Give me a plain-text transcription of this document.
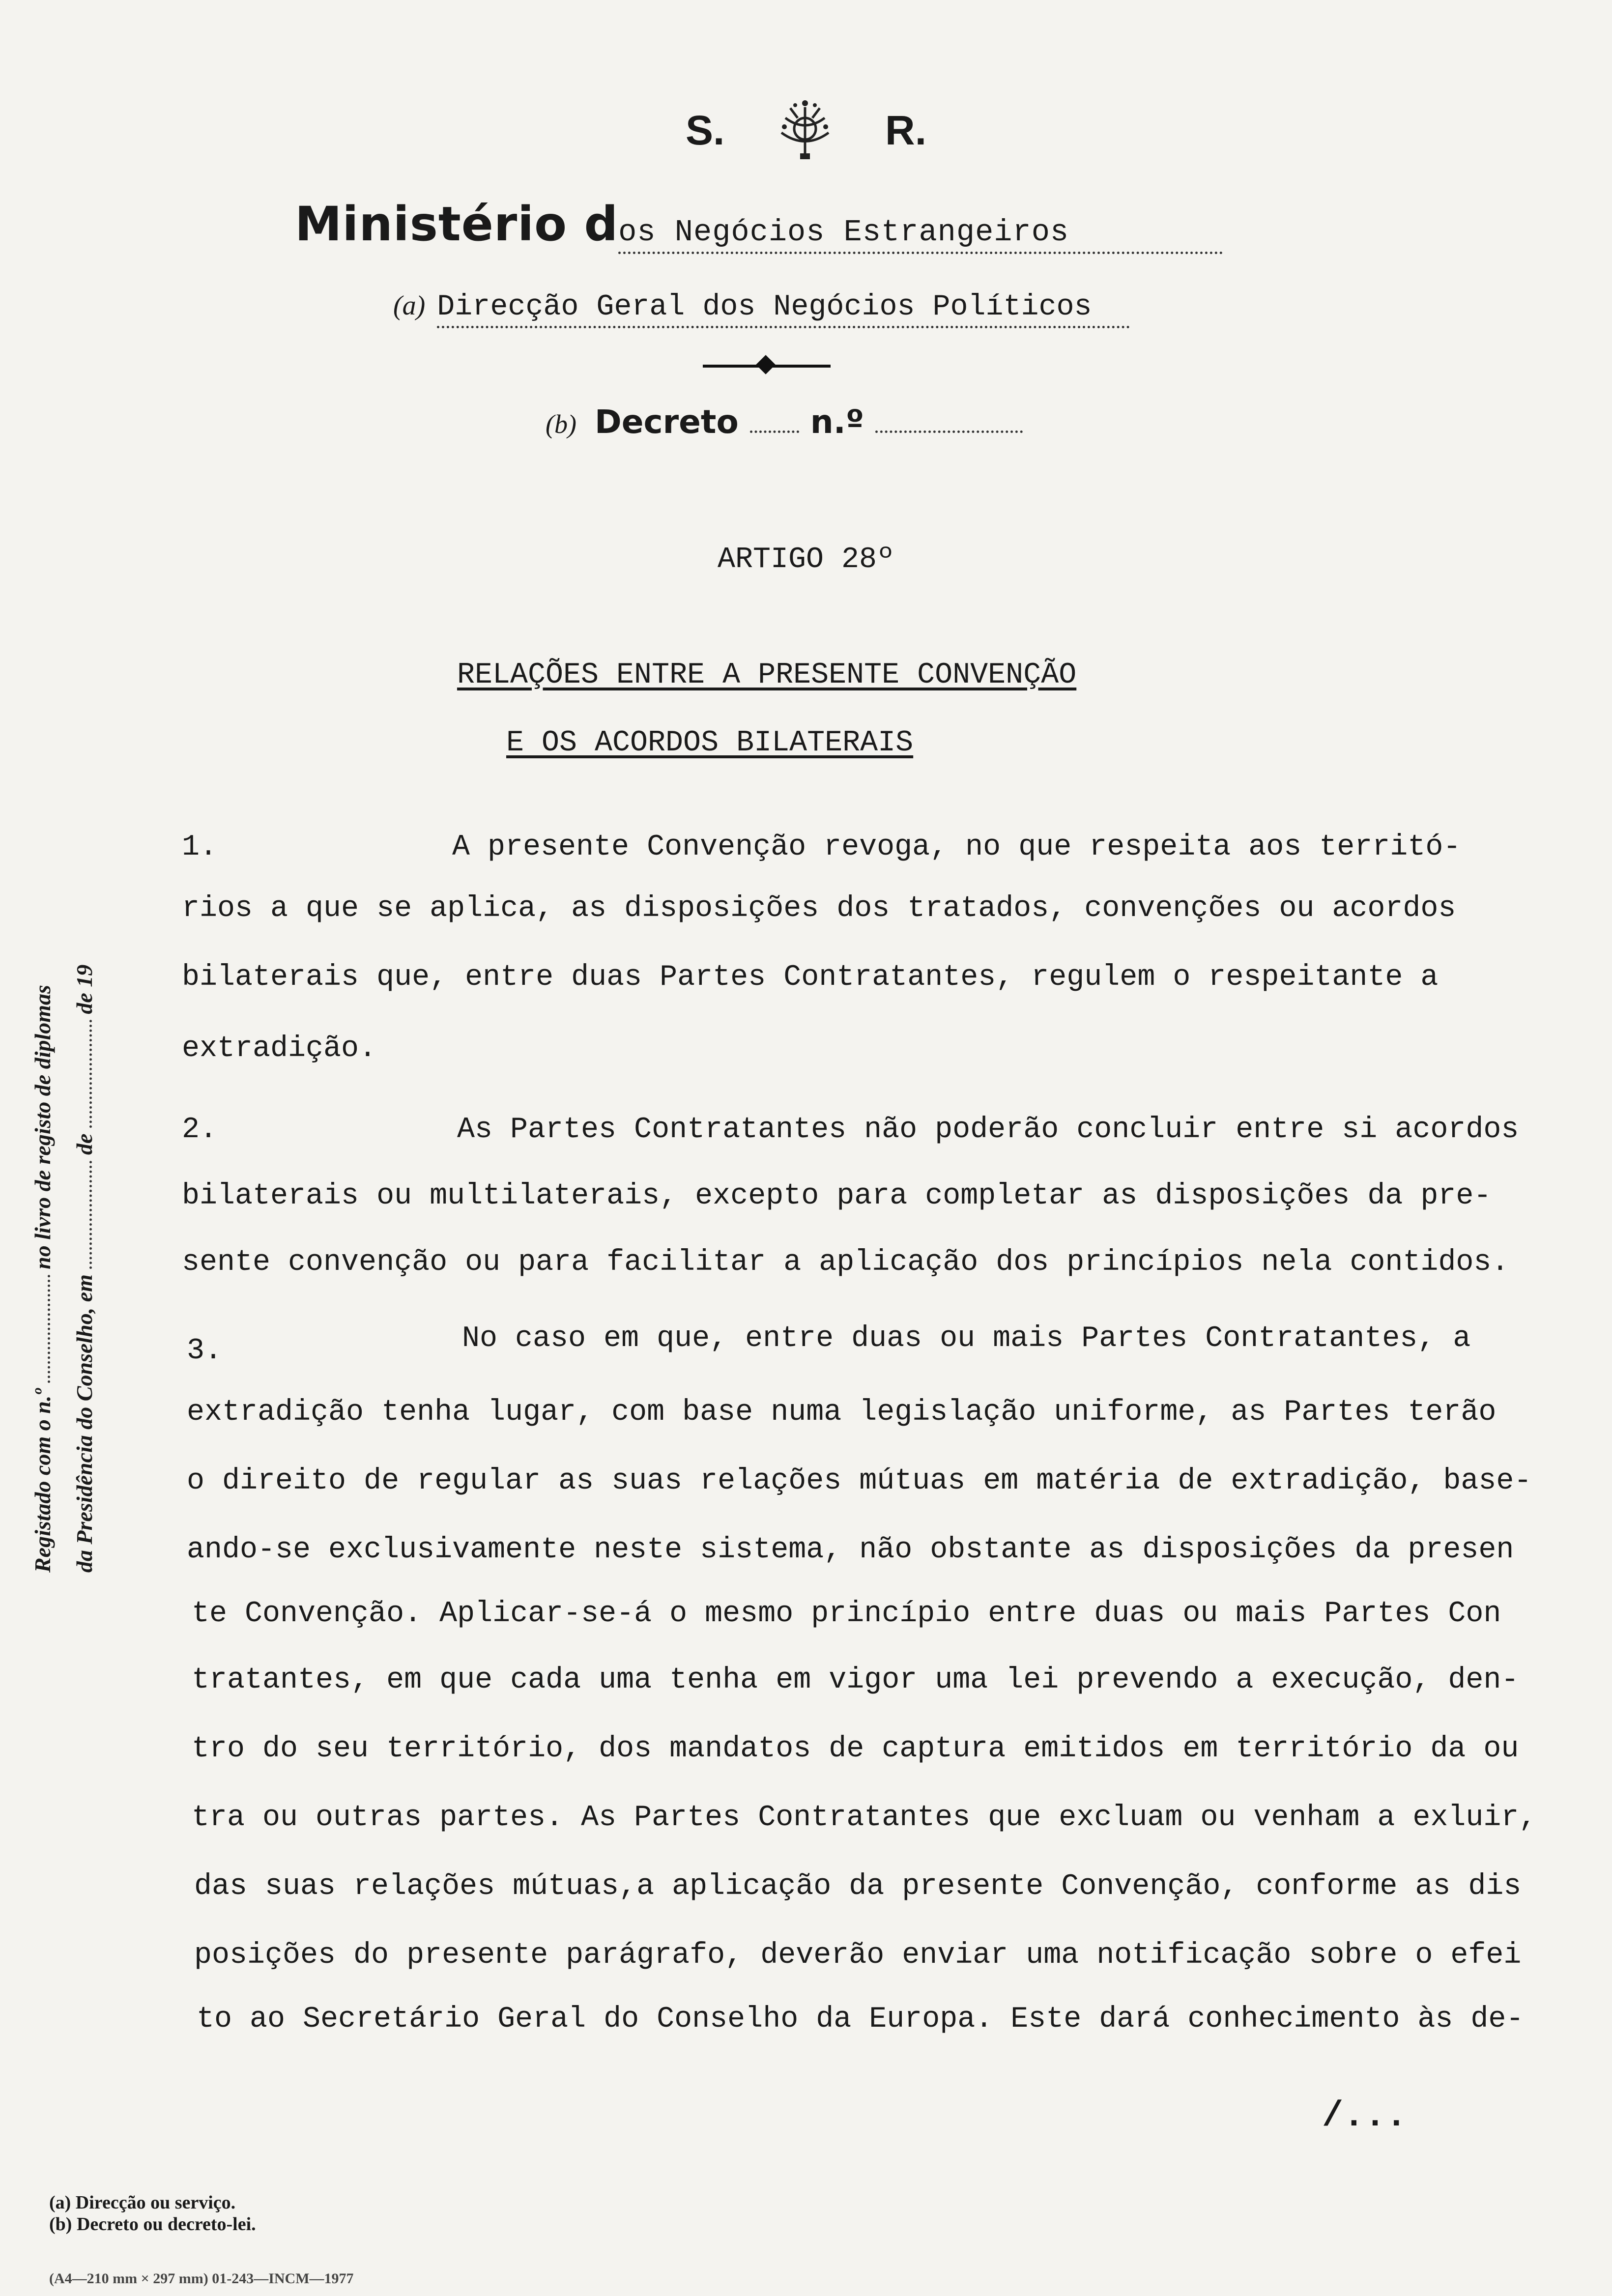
S.	R.
Ministério dos Negócios Estrangeiros
(a) Direcção Geral dos Negócios Políticos
(b) Decreto n.º
ARTIGO 28º
RELAÇÕES ENTRE A PRESENTE CONVENÇÃO
E OS ACORDOS BILATERAIS
1.	A presente Convenção revoga, no que respeita aos territó-
rios a que se aplica, as disposições dos tratados, convenções ou acordos
bilaterais que, entre duas Partes Contratantes, regulem o respeitante a
extradição.
2.	As Partes Contratantes não poderão concluir entre si acordos
bilaterais ou multilaterais, excepto para completar as disposições da pre-
sente convenção ou para facilitar a aplicação dos princípios nela contidos.
3.	No caso em que, entre duas ou mais Partes Contratantes, a
extradição tenha lugar, com base numa legislação uniforme, as Partes terão
o direito de regular as suas relações mútuas em matéria de extradição, base-
ando-se exclusivamente neste sistema, não obstante as disposições da presen
te Convenção. Aplicar-se-á o mesmo princípio entre duas ou mais Partes Con
tratantes, em que cada uma tenha em vigor uma lei prevendo a execução, den-
tro do seu território, dos mandatos de captura emitidos em território da ou
tra ou outras partes. As Partes Contratantes que excluam ou venham a exluir,
das suas relações mútuas,a aplicação da presente Convenção, conforme as dis
posições do presente parágrafo, deverão enviar uma notificação sobre o efei
to ao Secretário Geral do Conselho da Europa. Este dará conhecimento às de-
/...
Registado com o n.º  no livro de registo de diplomas
da Presidência do Conselho, em  de  de 19
(a) Direcção ou serviço.
(b) Decreto ou decreto-lei.
(A4—210 mm × 297 mm) 01-243—INCM—1977
